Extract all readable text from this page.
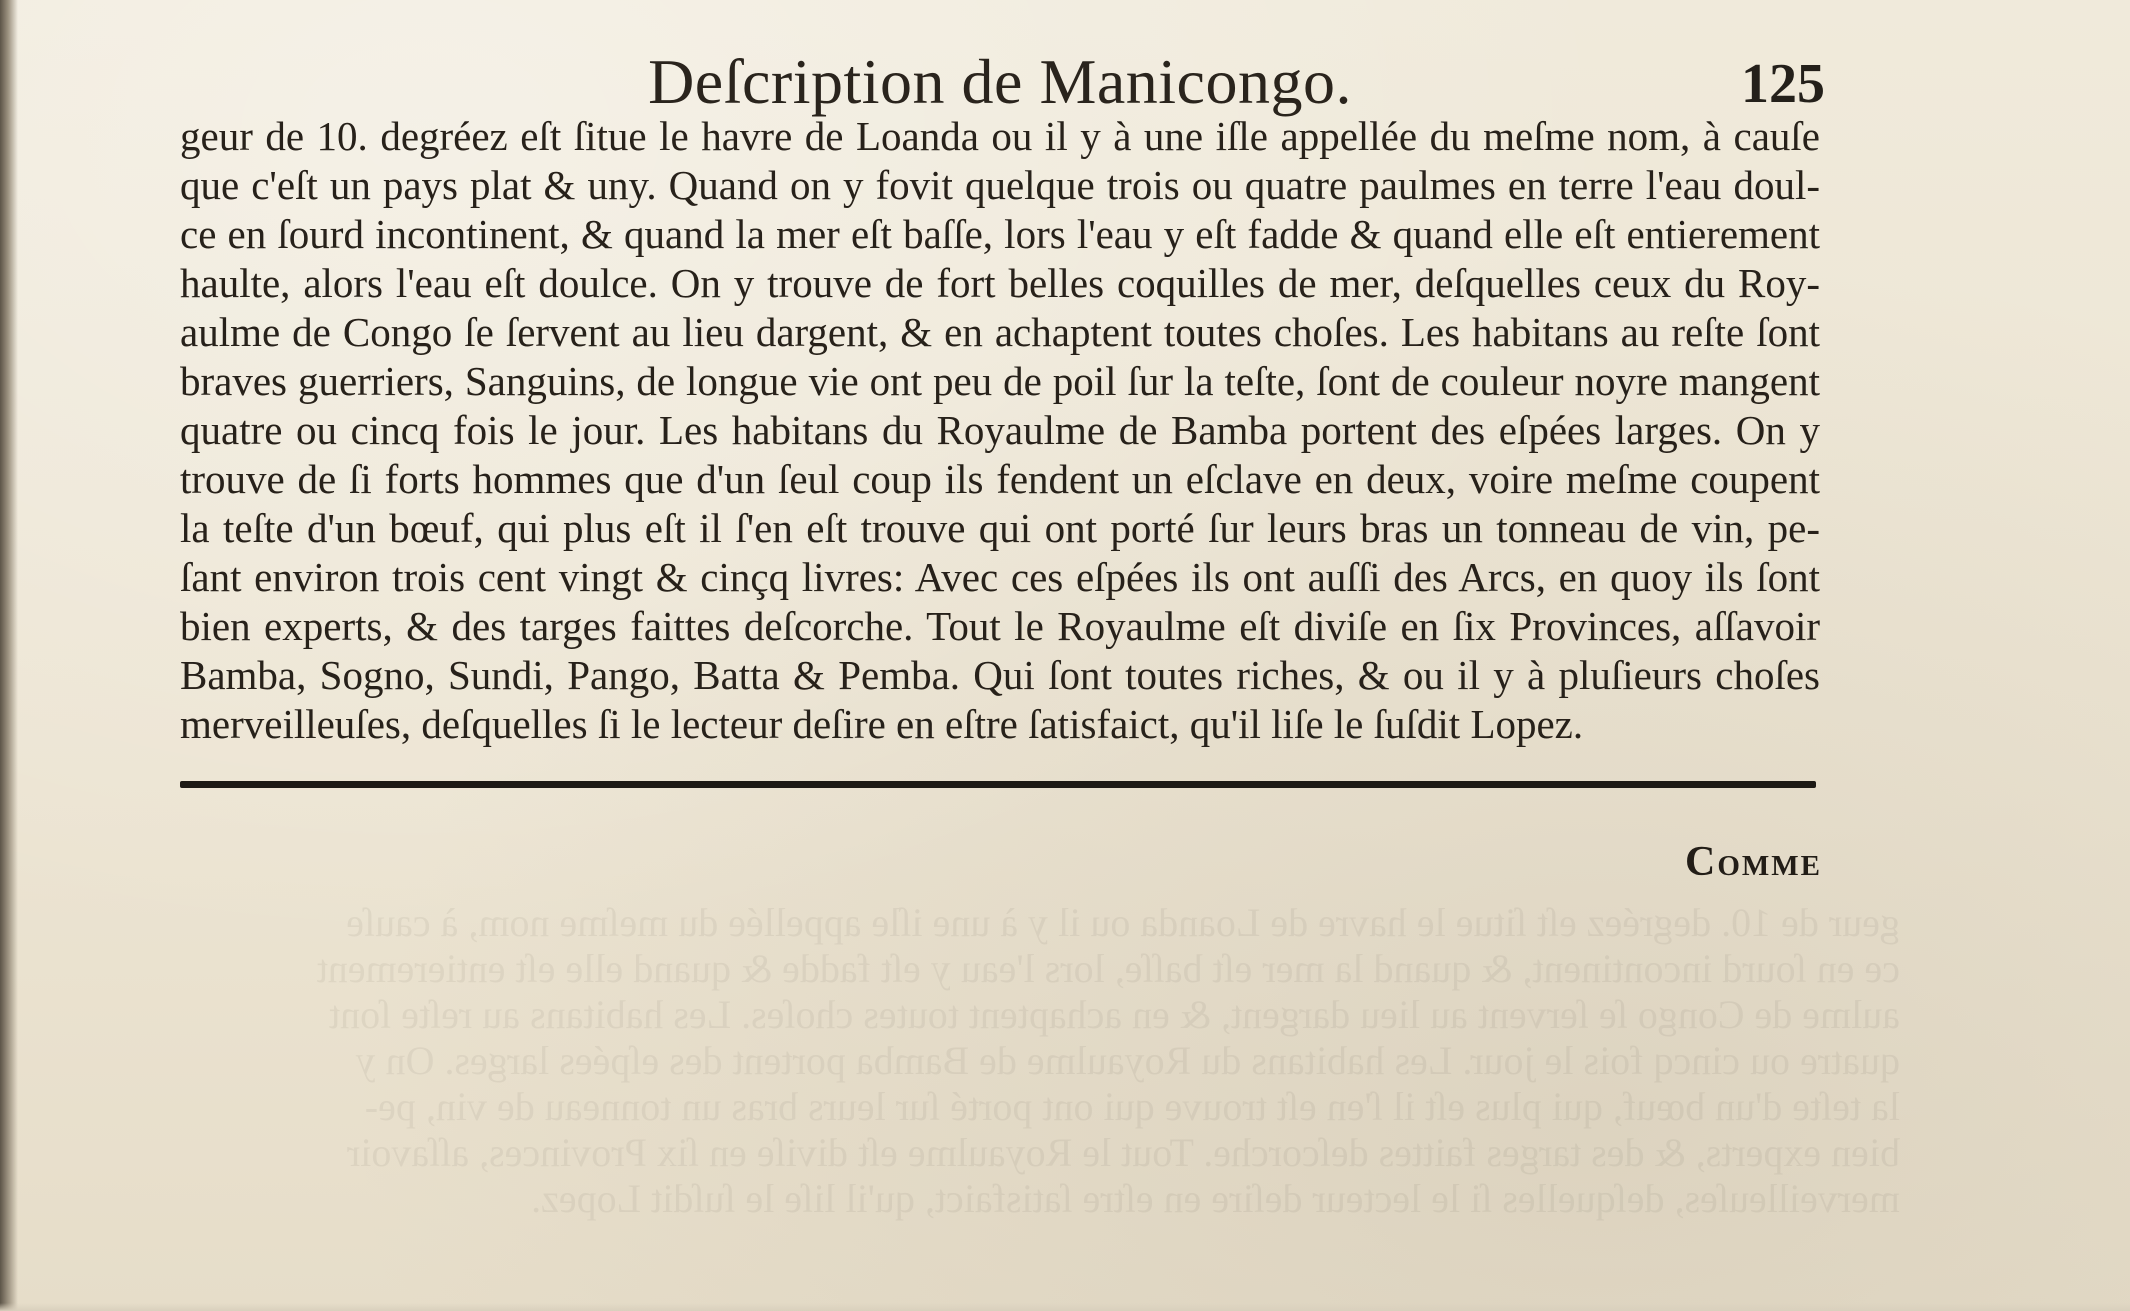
Deſcription de Manicongo.	125
geur de 10. degréez eſt ſitue le havre de Loanda ou il y à une iſle appellée du meſme nom, à cauſe
que c'eſt un pays plat & uny. Quand on y fovit quelque trois ou quatre paulmes en terre l'eau doul-
ce en ſourd incontinent, & quand la mer eſt baſſe, lors l'eau y eſt fadde & quand elle eſt entierement
haulte, alors l'eau eſt doulce. On y trouve de fort belles coquilles de mer, deſquelles ceux du Roy-
aulme de Congo ſe ſervent au lieu dargent, & en achaptent toutes choſes. Les habitans au reſte ſont
braves guerriers, Sanguins, de longue vie ont peu de poil ſur la teſte, ſont de couleur noyre mangent
quatre ou cincq fois le jour. Les habitans du Royaulme de Bamba portent des eſpées larges. On y
trouve de ſi forts hommes que d'un ſeul coup ils fendent un eſclave en deux, voire meſme coupent
la teſte d'un bœuf, qui plus eſt il ſ'en eſt trouve qui ont porté ſur leurs bras un tonneau de vin, pe-
ſant environ trois cent vingt & cinçq livres: Avec ces eſpées ils ont auſſi des Arcs, en quoy ils ſont
bien experts, & des targes faittes deſcorche. Tout le Royaulme eſt diviſe en ſix Provinces, aſſavoir
Bamba, Sogno, Sundi, Pango, Batta & Pemba. Qui ſont toutes riches, & ou il y à pluſieurs choſes
merveilleuſes, deſquelles ſi le lecteur deſire en eſtre ſatisfaict, qu'il liſe le ſuſdit Lopez.
Comme
geur de 10. degréez eſt ſitue le havre de Loanda ou il y à une iſle appellée du meſme nom, à cauſe
ce en ſourd incontinent, & quand la mer eſt baſſe, lors l'eau y eſt fadde & quand elle eſt entierement
aulme de Congo ſe ſervent au lieu dargent, & en achaptent toutes choſes. Les habitans au reſte ſont
quatre ou cincq fois le jour. Les habitans du Royaulme de Bamba portent des eſpées larges. On y
la teſte d'un bœuf, qui plus eſt il ſ'en eſt trouve qui ont porté ſur leurs bras un tonneau de vin, pe-
bien experts, & des targes faittes deſcorche. Tout le Royaulme eſt diviſe en ſix Provinces, aſſavoir
merveilleuſes, deſquelles ſi le lecteur deſire en eſtre ſatisfaict, qu'il liſe le ſuſdit Lopez.
